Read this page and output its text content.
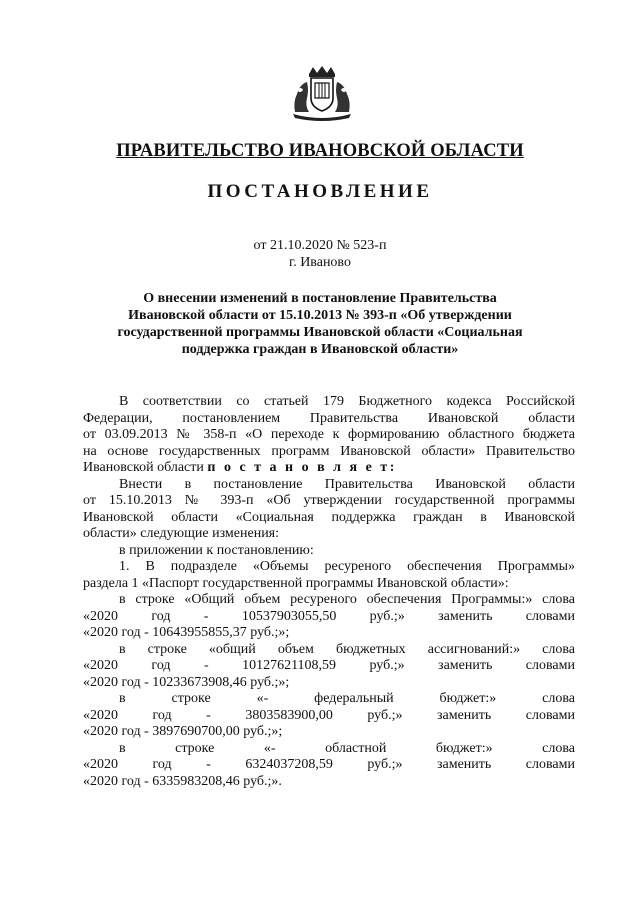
ПРАВИТЕЛЬСТВО ИВАНОВСКОЙ ОБЛАСТИ
ПОСТАНОВЛЕНИЕ
от 21.10.2020 № 523-п
г. Иваново
О внесении изменений в постановление Правительства
Ивановской области от 15.10.2013 № 393-п «Об утверждении
государственной программы Ивановской области «Социальная
поддержка граждан в Ивановской области»

В соответствии со статьей 179 Бюджетного кодекса Российской

Федерации, постановлением Правительства Ивановской области

от 03.09.2013 № 358-п «О переходе к формированию областного бюджета

на основе государственных программ Ивановской области» Правительство

Ивановской области п о с т а н о в л я е т:

Внести в постановление Правительства Ивановской области

от 15.10.2013 № 393-п «Об утверждении государственной программы

Ивановской области «Социальная поддержка граждан в Ивановской

области» следующие изменения:

в приложении к постановлению:

1. В подразделе «Объемы ресуреного обеспечения Программы»

раздела 1 «Паспорт государственной программы Ивановской области»:

в строке «Общий объем ресуреного обеспечения Программы:» слова

«2020 год - 10537903055,50 руб.;» заменить словами

«2020 год - 10643955855,37 руб.;»;

в строке «общий объем бюджетных ассигнований:» слова

«2020 год - 10127621108,59 руб.;» заменить словами

«2020 год - 10233673908,46 руб.;»;

в строке «- федеральный бюджет:» слова

«2020 год - 3803583900,00 руб.;» заменить словами

«2020 год - 3897690700,00 руб.;»;

в строке «- областной бюджет:» слова

«2020 год - 6324037208,59 руб.;» заменить словами

«2020 год - 6335983208,46 руб.;».
